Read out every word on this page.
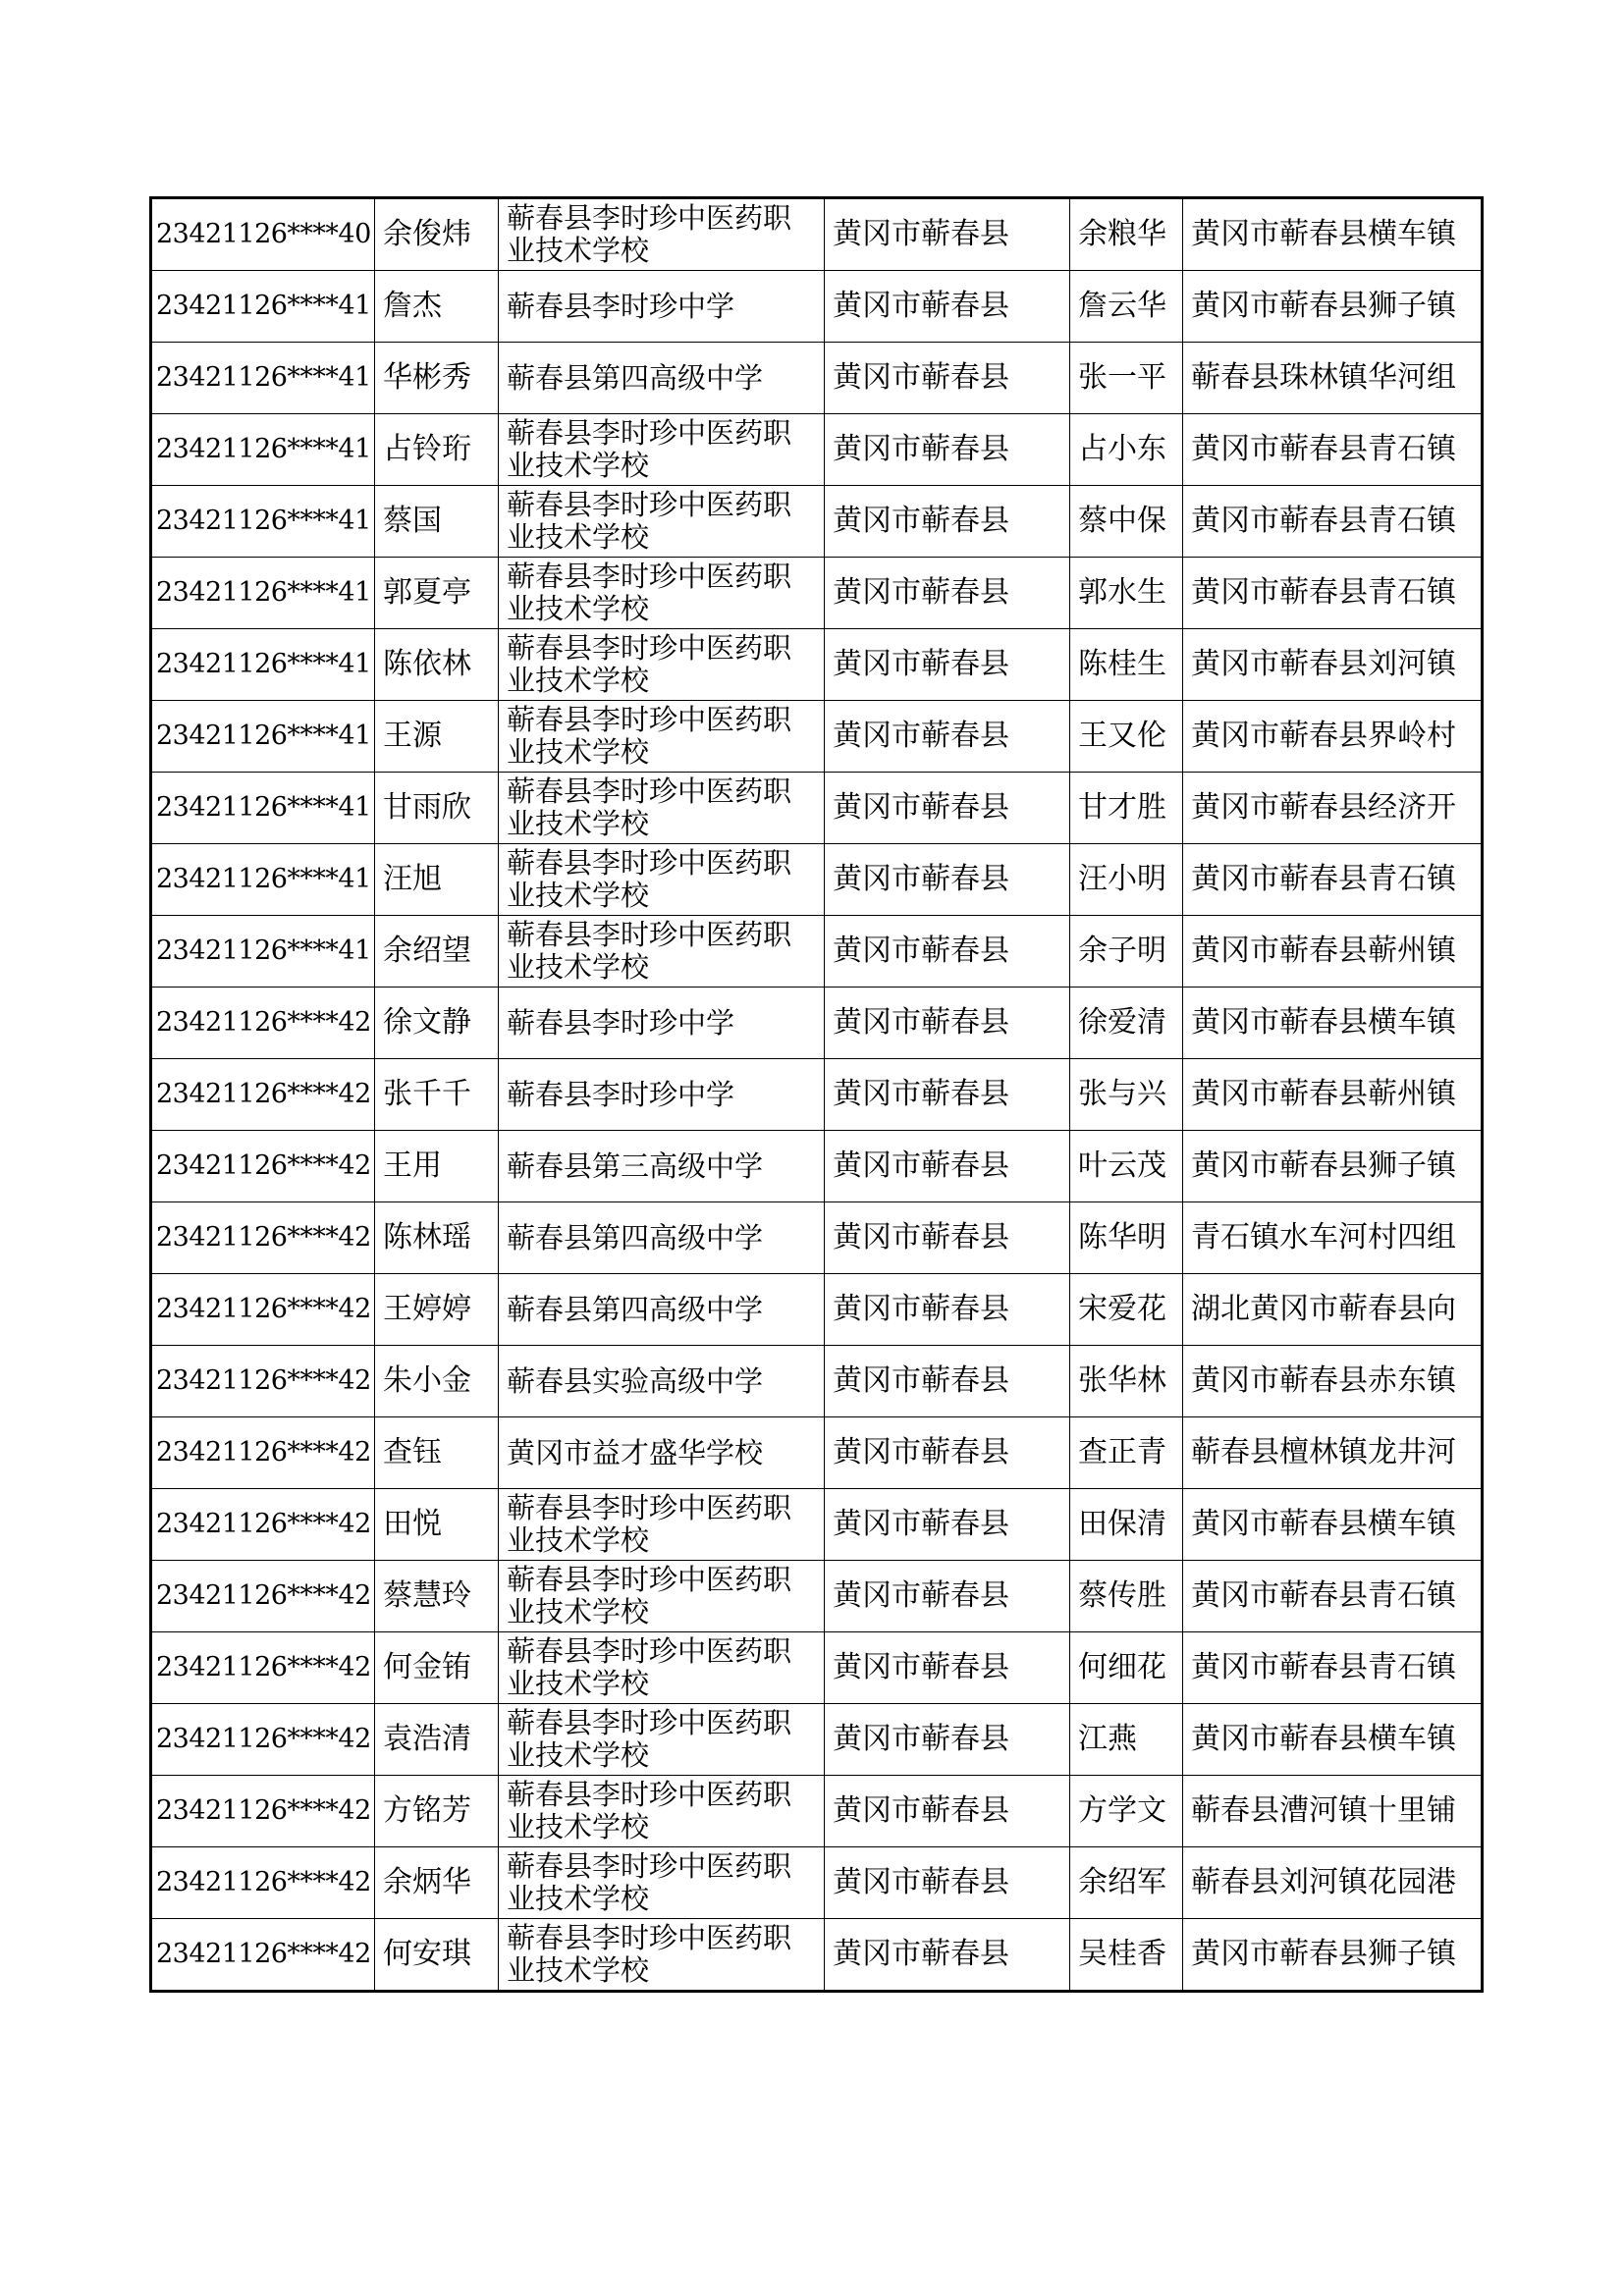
23421126****40	余俊炜	蕲春县李时珍中医药职业技术学校	黄冈市蕲春县	余粮华	黄冈市蕲春县横车镇
23421126****41	詹杰	蕲春县李时珍中学	黄冈市蕲春县	詹云华	黄冈市蕲春县狮子镇
23421126****41	华彬秀	蕲春县第四高级中学	黄冈市蕲春县	张一平	蕲春县珠林镇华河组
23421126****41	占铃珩	蕲春县李时珍中医药职业技术学校	黄冈市蕲春县	占小东	黄冈市蕲春县青石镇
23421126****41	蔡国	蕲春县李时珍中医药职业技术学校	黄冈市蕲春县	蔡中保	黄冈市蕲春县青石镇
23421126****41	郭夏亭	蕲春县李时珍中医药职业技术学校	黄冈市蕲春县	郭水生	黄冈市蕲春县青石镇
23421126****41	陈依林	蕲春县李时珍中医药职业技术学校	黄冈市蕲春县	陈桂生	黄冈市蕲春县刘河镇
23421126****41	王源	蕲春县李时珍中医药职业技术学校	黄冈市蕲春县	王又伦	黄冈市蕲春县界岭村
23421126****41	甘雨欣	蕲春县李时珍中医药职业技术学校	黄冈市蕲春县	甘才胜	黄冈市蕲春县经济开
23421126****41	汪旭	蕲春县李时珍中医药职业技术学校	黄冈市蕲春县	汪小明	黄冈市蕲春县青石镇
23421126****41	余绍望	蕲春县李时珍中医药职业技术学校	黄冈市蕲春县	余子明	黄冈市蕲春县蕲州镇
23421126****42	徐文静	蕲春县李时珍中学	黄冈市蕲春县	徐爱清	黄冈市蕲春县横车镇
23421126****42	张千千	蕲春县李时珍中学	黄冈市蕲春县	张与兴	黄冈市蕲春县蕲州镇
23421126****42	王用	蕲春县第三高级中学	黄冈市蕲春县	叶云茂	黄冈市蕲春县狮子镇
23421126****42	陈林瑶	蕲春县第四高级中学	黄冈市蕲春县	陈华明	青石镇水车河村四组
23421126****42	王婷婷	蕲春县第四高级中学	黄冈市蕲春县	宋爱花	湖北黄冈市蕲春县向
23421126****42	朱小金	蕲春县实验高级中学	黄冈市蕲春县	张华林	黄冈市蕲春县赤东镇
23421126****42	查钰	黄冈市益才盛华学校	黄冈市蕲春县	查正青	蕲春县檀林镇龙井河
23421126****42	田悦	蕲春县李时珍中医药职业技术学校	黄冈市蕲春县	田保清	黄冈市蕲春县横车镇
23421126****42	蔡慧玲	蕲春县李时珍中医药职业技术学校	黄冈市蕲春县	蔡传胜	黄冈市蕲春县青石镇
23421126****42	何金铕	蕲春县李时珍中医药职业技术学校	黄冈市蕲春县	何细花	黄冈市蕲春县青石镇
23421126****42	袁浩清	蕲春县李时珍中医药职业技术学校	黄冈市蕲春县	江燕	黄冈市蕲春县横车镇
23421126****42	方铭芳	蕲春县李时珍中医药职业技术学校	黄冈市蕲春县	方学文	蕲春县漕河镇十里铺
23421126****42	余炳华	蕲春县李时珍中医药职业技术学校	黄冈市蕲春县	余绍军	蕲春县刘河镇花园港
23421126****42	何安琪	蕲春县李时珍中医药职业技术学校	黄冈市蕲春县	吴桂香	黄冈市蕲春县狮子镇
